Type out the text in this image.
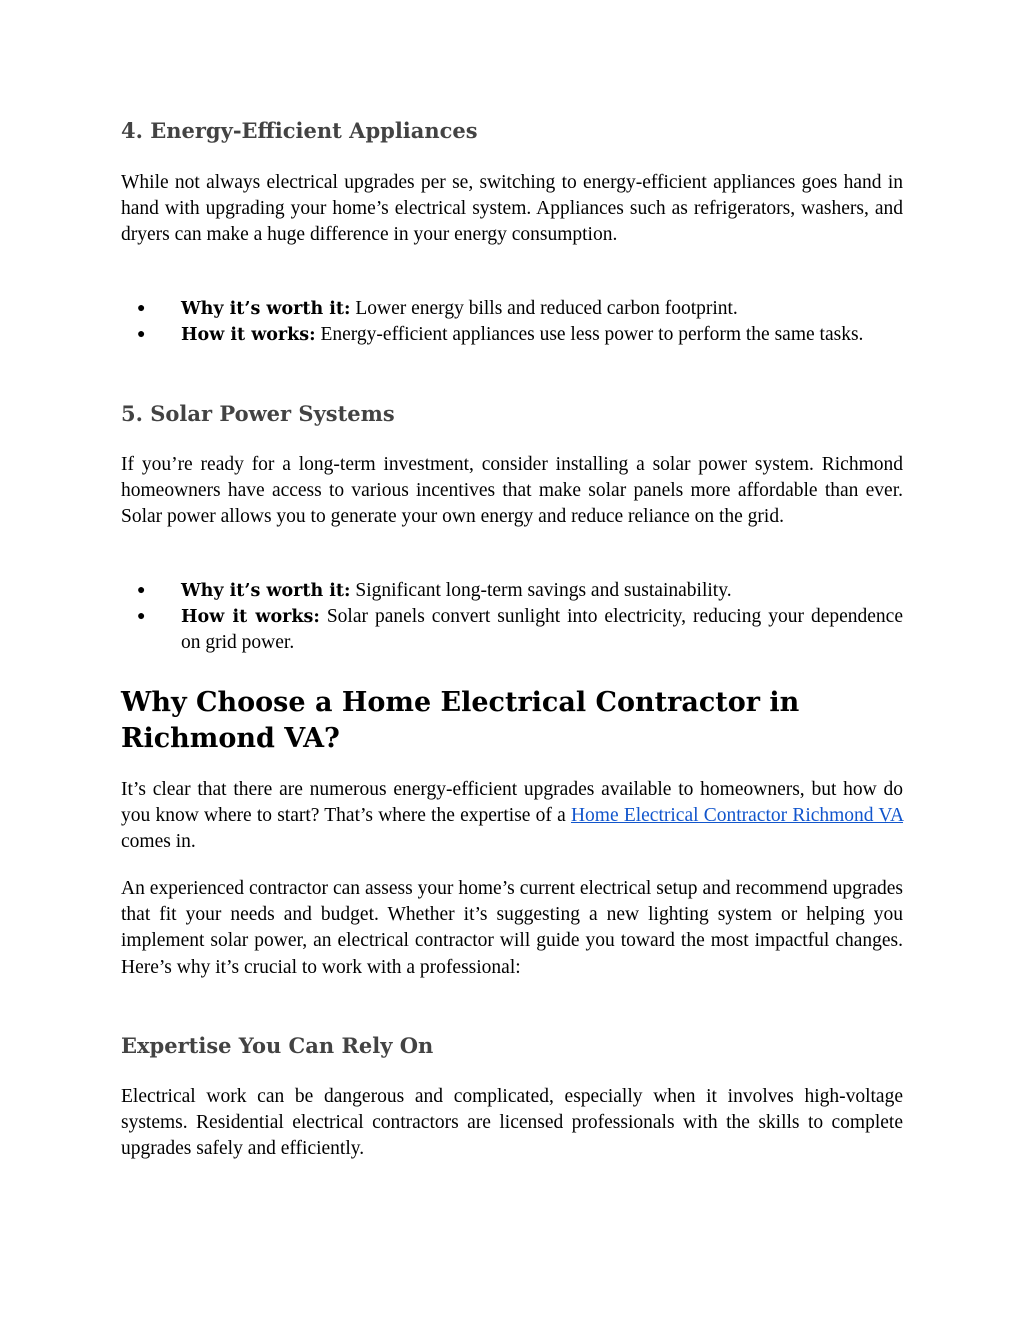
4. Energy-Efficient Appliances

While not always electrical upgrades per se, switching to energy-efficient appliances goes hand in hand with upgrading your home’s electrical system. Appliances such as refrigerators, washers, and dryers can make a huge difference in your energy consumption.

● Why it’s worth it: Lower energy bills and reduced carbon footprint.
● How it works: Energy-efficient appliances use less power to perform the same tasks.
5. Solar Power Systems

If you’re ready for a long-term investment, consider installing a solar power system. Richmond homeowners have access to various incentives that make solar panels more affordable than ever. Solar power allows you to generate your own energy and reduce reliance on the grid.

● Why it’s worth it: Significant long-term savings and sustainability.
● How it works: Solar panels convert sunlight into electricity, reducing your dependence on grid power.
Why Choose a Home Electrical Contractor in Richmond VA?

It’s clear that there are numerous energy-efficient upgrades available to homeowners, but how do you know where to start? That’s where the expertise of a Home Electrical Contractor Richmond VA comes in.

An experienced contractor can assess your home’s current electrical setup and recommend upgrades that fit your needs and budget. Whether it’s suggesting a new lighting system or helping you implement solar power, an electrical contractor will guide you toward the most impactful changes. Here’s why it’s crucial to work with a professional:

Expertise You Can Rely On

Electrical work can be dangerous and complicated, especially when it involves high-voltage systems. Residential electrical contractors are licensed professionals with the skills to complete upgrades safely and efficiently.
